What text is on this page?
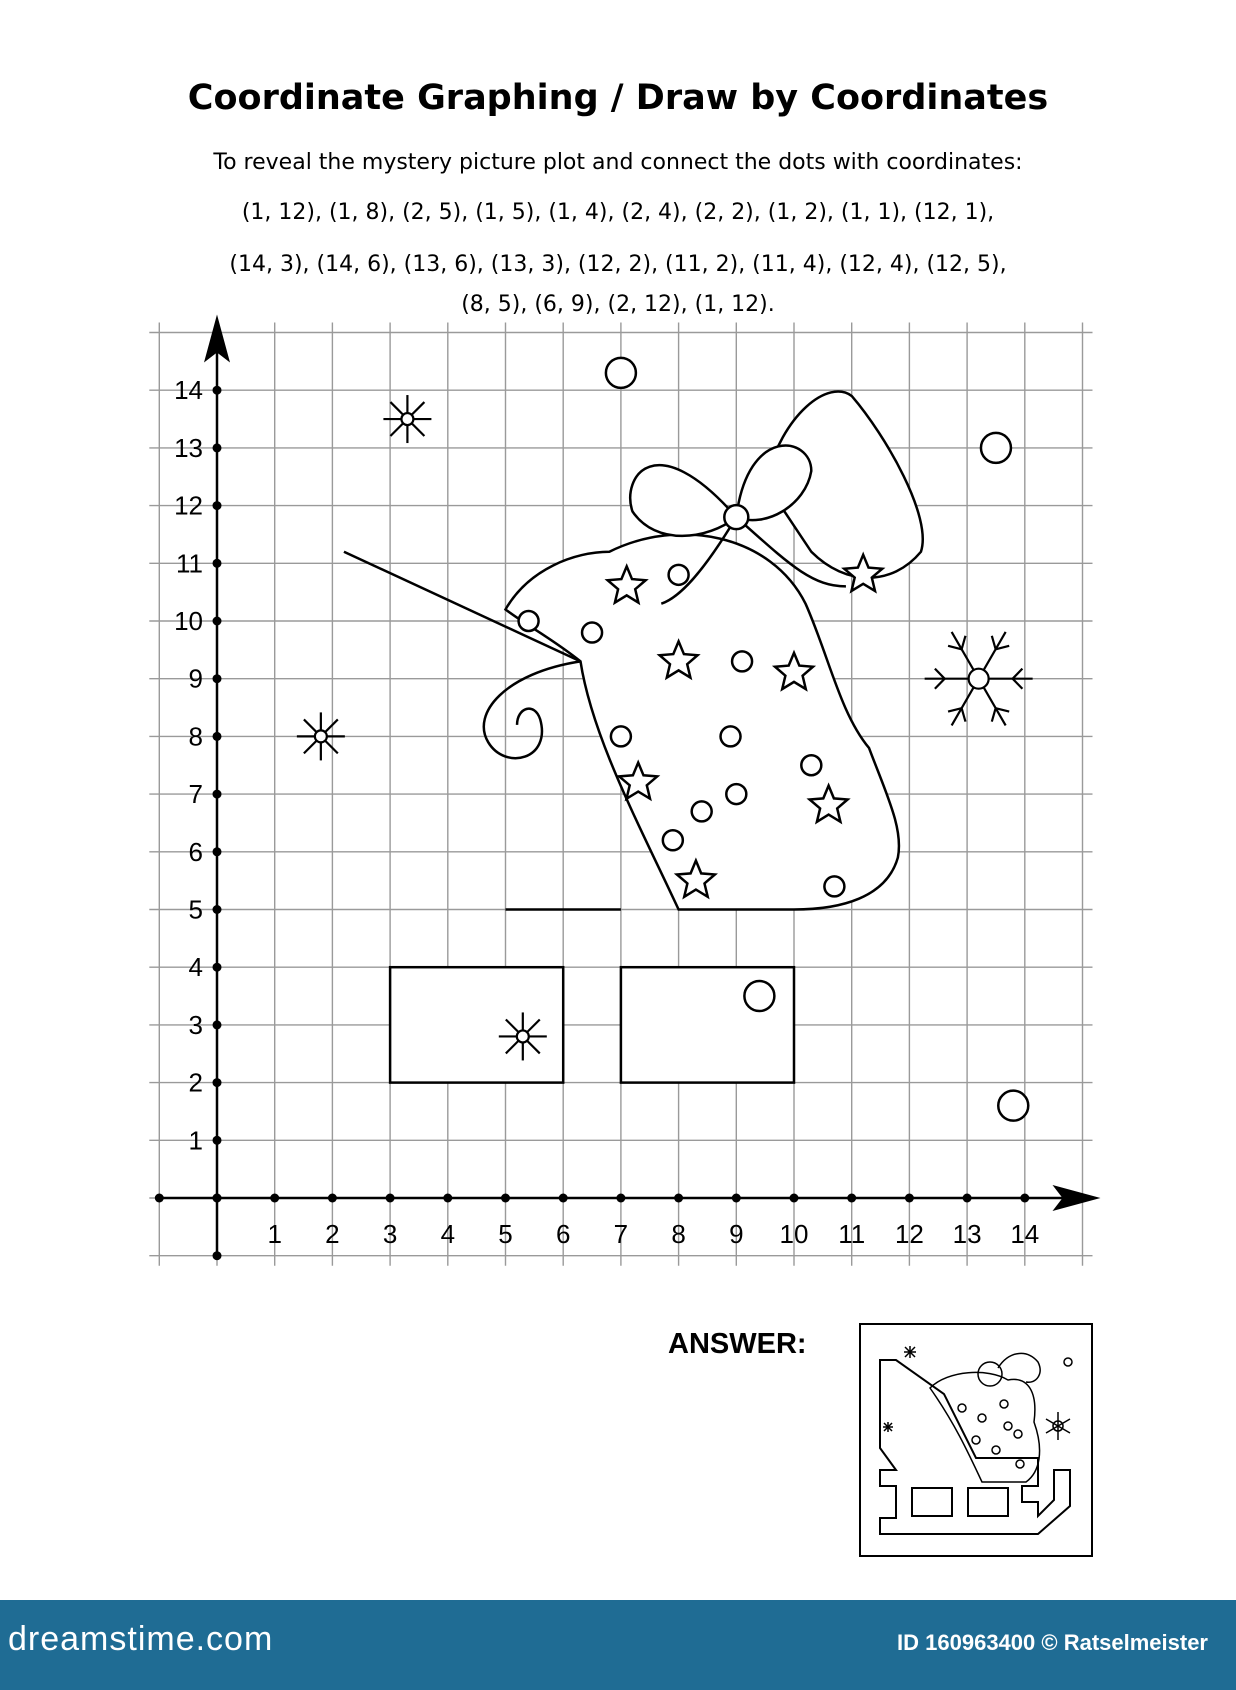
Coordinate Graphing / Draw by Coordinates
To reveal the mystery picture plot and connect the dots with coordinates:
(1, 12), (1, 8), (2, 5), (1, 5), (1, 4), (2, 4), (2, 2), (1, 2), (1, 1), (12, 1),
(14, 3), (14, 6), (13, 6), (13, 3), (12, 2), (11, 2), (11, 4), (12, 4), (12, 5),
(8, 5), (6, 9), (2, 12), (1, 12).
1 2 3 4 5 6 7 8 9 10 11 12 13 14
1
2
3
4
5
6
7
8
9
10
11
12
13
14
ANSWER:
dreamstime.com	ID 160963400 © Ratselmeister
